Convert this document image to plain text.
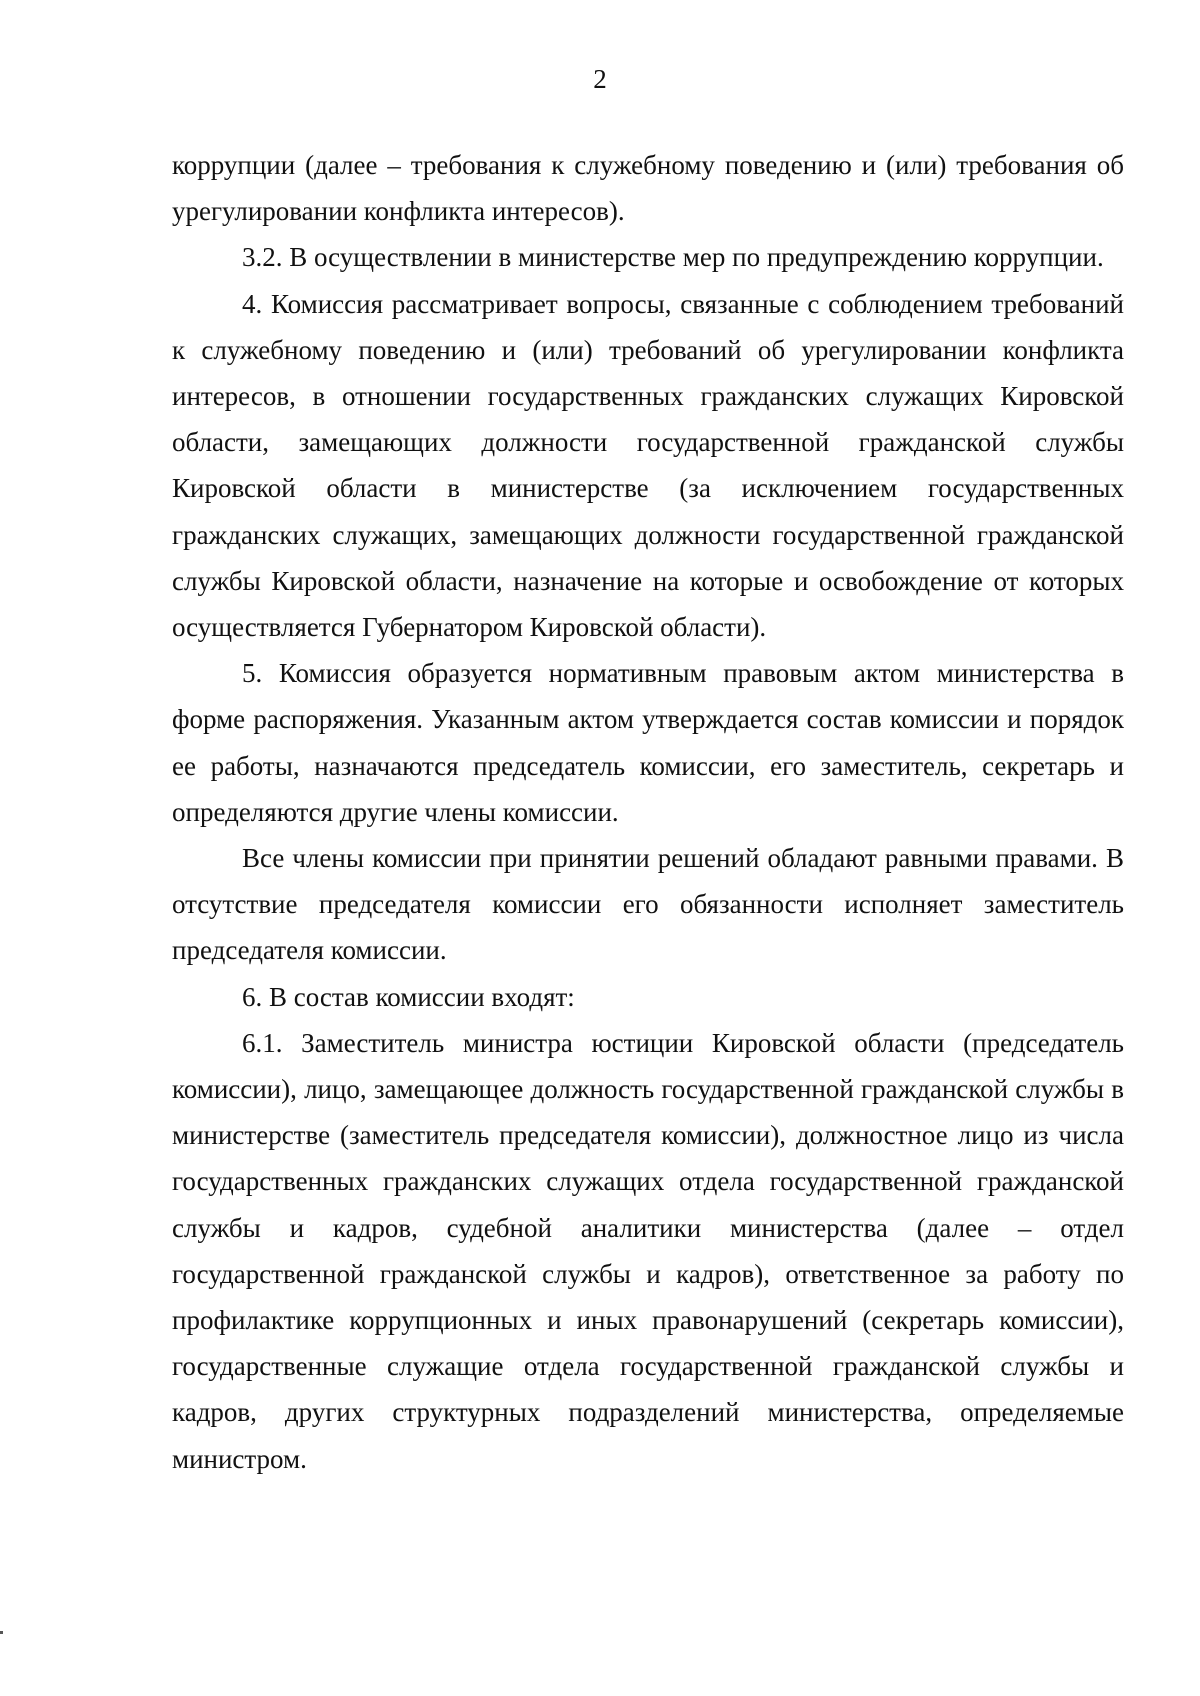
2

коррупции (далее – требования к служебному поведению и (или) требования об урегулировании конфликта интересов).

3.2. В осуществлении в министерстве мер по предупреждению коррупции.

4. Комиссия рассматривает вопросы, связанные с соблюдением требований к служебному поведению и (или) требований об урегулировании конфликта интересов, в отношении государственных гражданских служащих Кировской области, замещающих должности государственной гражданской службы Кировской области в министерстве (за исключением государственных гражданских служащих, замещающих должности государственной гражданской службы Кировской области, назначение на которые и освобождение от которых осуществляется Губернатором Кировской области).

5. Комиссия образуется нормативным правовым актом министерства в форме распоряжения. Указанным актом утверждается состав комиссии и порядок ее работы, назначаются председатель комиссии, его заместитель, секретарь и определяются другие члены комиссии.

Все члены комиссии при принятии решений обладают равными правами. В отсутствие председателя комиссии его обязанности исполняет заместитель председателя комиссии.

6. В состав комиссии входят:

6.1. Заместитель министра юстиции Кировской области (председатель комиссии), лицо, замещающее должность государственной гражданской службы в министерстве (заместитель председателя комиссии), должностное лицо из числа государственных гражданских служащих отдела государственной гражданской службы и кадров, судебной аналитики министерства (далее – отдел государственной гражданской службы и кадров), ответственное за работу по профилактике коррупционных и иных правонарушений (секретарь комиссии), государственные служащие отдела государственной гражданской службы и кадров, других структурных подразделений министерства, определяемые министром.
